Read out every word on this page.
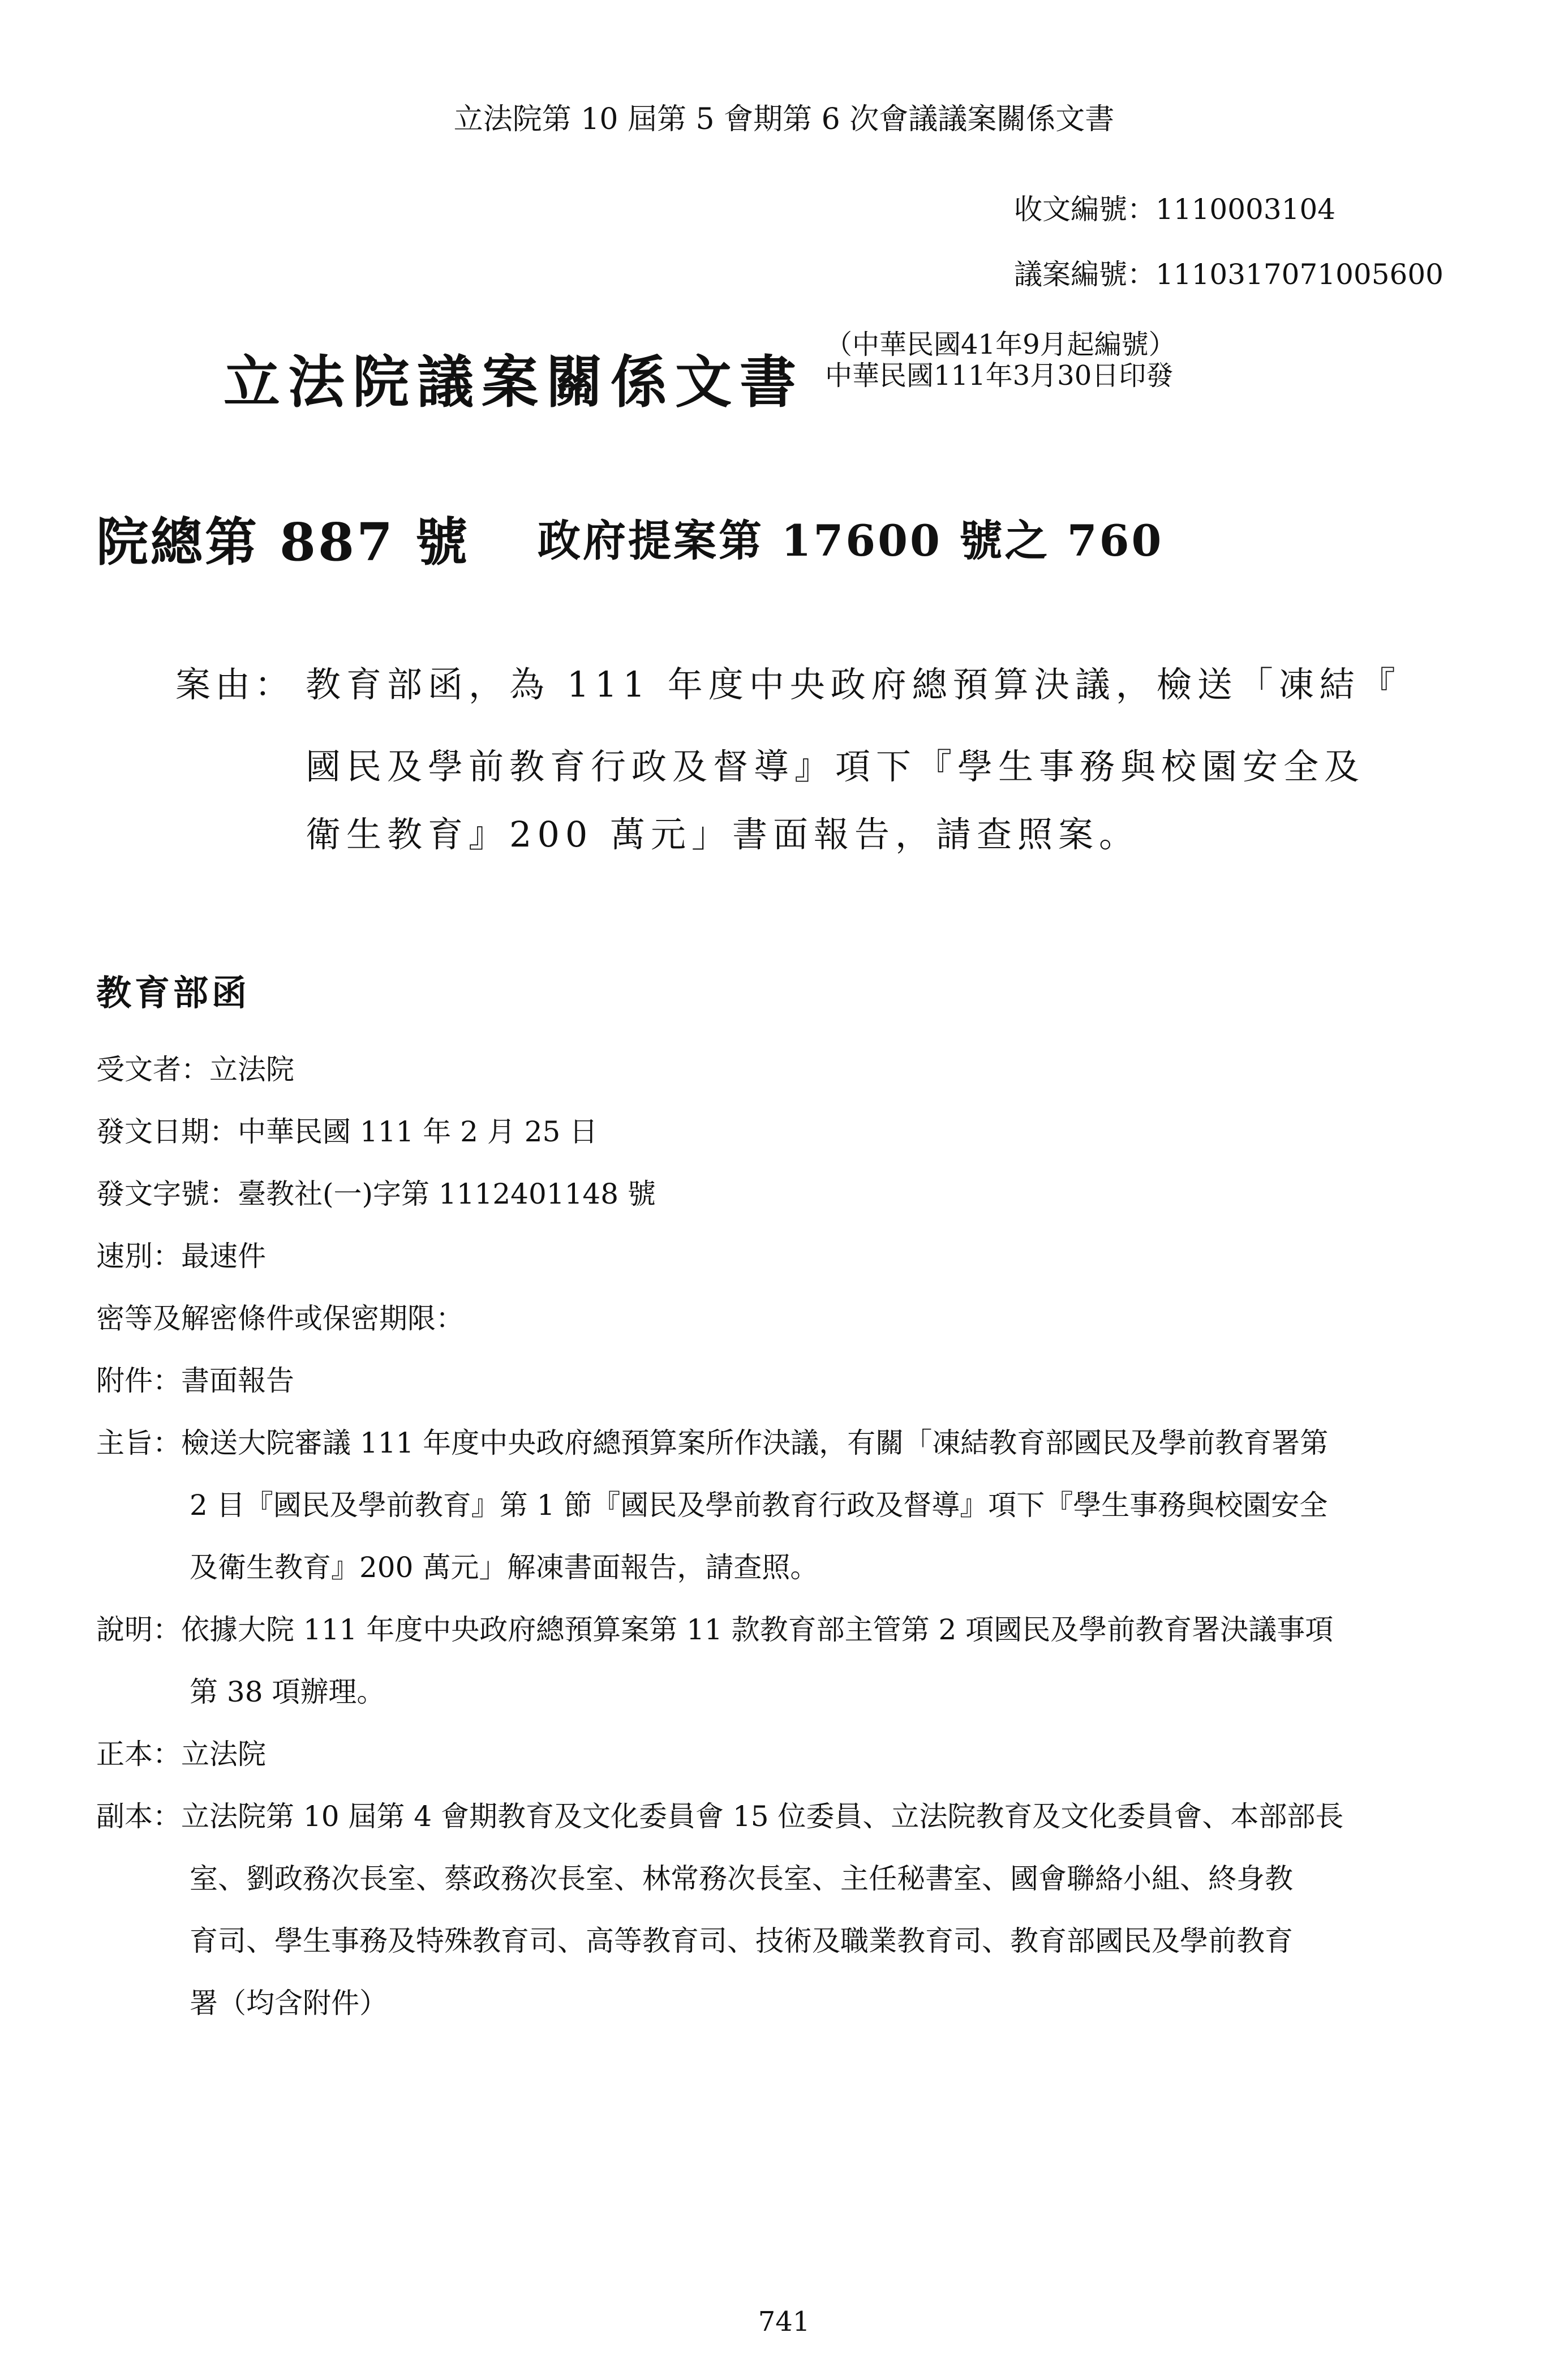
立法院第 10 屆第 5 會期第 6 次會議議案關係文書
收文編號：1110003104
議案編號：1110317071005600
立法院議案關係文書
（中華民國41年9月起編號）
中華民國111年3月30日印發
院總第 887 號 政府提案第 17600 號之 760
案由： 教育部函，為 111 年度中央政府總預算決議，檢送「凍結『
國民及學前教育行政及督導』項下『學生事務與校園安全及
衛生教育』200 萬元」書面報告，請查照案。
教育部函
受文者：立法院
發文日期：中華民國 111 年 2 月 25 日
發文字號：臺教社(一)字第 1112401148 號
速別：最速件
密等及解密條件或保密期限：
附件：書面報告
主旨：檢送大院審議 111 年度中央政府總預算案所作決議，有關「凍結教育部國民及學前教育署第
2 目『國民及學前教育』第 1 節『國民及學前教育行政及督導』項下『學生事務與校園安全
及衛生教育』200 萬元」解凍書面報告，請查照。
說明：依據大院 111 年度中央政府總預算案第 11 款教育部主管第 2 項國民及學前教育署決議事項
第 38 項辦理。
正本：立法院
副本：立法院第 10 屆第 4 會期教育及文化委員會 15 位委員、立法院教育及文化委員會、本部部長
室、劉政務次長室、蔡政務次長室、林常務次長室、主任秘書室、國會聯絡小組、終身教
育司、學生事務及特殊教育司、高等教育司、技術及職業教育司、教育部國民及學前教育
署（均含附件）
741
